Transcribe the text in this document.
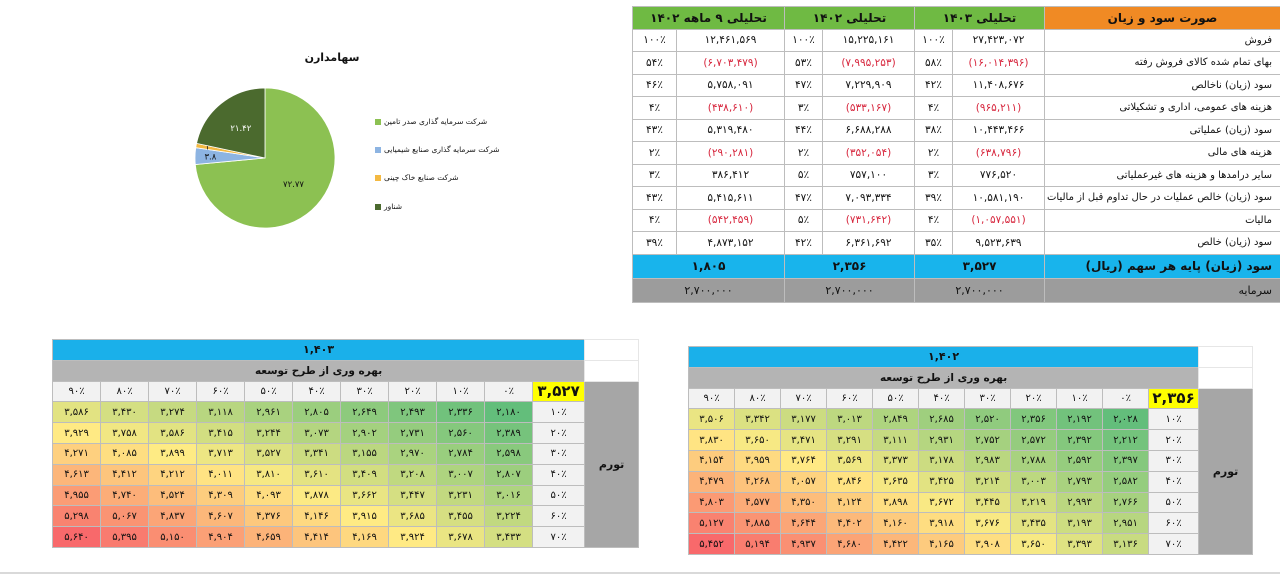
صورت سود و زیان	تحلیلی ۱۴۰۳		تحلیلی ۱۴۰۲		تحلیلی ۹ ماهه ۱۴۰۲	
فروش	۲۷,۴۲۳,۰۷۲	۱۰۰٪	۱۵,۲۲۵,۱۶۱	۱۰۰٪	۱۲,۴۶۱,۵۶۹	۱۰۰٪
بهای تمام شده کالای فروش رفته	(۱۶,۰۱۴,۳۹۶)	۵۸٪	(۷,۹۹۵,۲۵۳)	۵۳٪	(۶,۷۰۳,۴۷۹)	۵۴٪
سود (زیان) ناخالص	۱۱,۴۰۸,۶۷۶	۴۲٪	۷,۲۲۹,۹۰۹	۴۷٪	۵,۷۵۸,۰۹۱	۴۶٪
هزینه های عمومی، اداری و تشکیلاتی	(۹۶۵,۲۱۱)	۴٪	(۵۳۳,۱۶۷)	۳٪	(۴۳۸,۶۱۰)	۴٪
سود (زیان) عملیاتی	۱۰,۴۴۳,۴۶۶	۳۸٪	۶,۶۸۸,۲۸۸	۴۴٪	۵,۳۱۹,۴۸۰	۴۳٪
هزینه های مالی	(۶۳۸,۷۹۶)	۲٪	(۳۵۲,۰۵۴)	۲٪	(۲۹۰,۲۸۱)	۲٪
سایر درامدها و هزینه های غیرعملیاتی	۷۷۶,۵۲۰	۳٪	۷۵۷,۱۰۰	۵٪	۳۸۶,۴۱۲	۳٪
سود (زیان) خالص عملیات در حال تداوم قبل از مالیات	۱۰,۵۸۱,۱۹۰	۳۹٪	۷,۰۹۳,۳۳۴	۴۷٪	۵,۴۱۵,۶۱۱	۴۳٪
مالیات	(۱,۰۵۷,۵۵۱)	۴٪	(۷۳۱,۶۴۲)	۵٪	(۵۴۲,۴۵۹)	۴٪
سود (زیان) خالص	۹,۵۲۳,۶۳۹	۳۵٪	۶,۳۶۱,۶۹۲	۴۲٪	۴,۸۷۳,۱۵۲	۳۹٪
سود (زیان) پایه هر سهم (ریال)	۳,۵۲۷		۲,۳۵۶		۱,۸۰۵	
سرمایه	۲,۷۰۰,۰۰۰		۲,۷۰۰,۰۰۰		۲,۷۰۰,۰۰۰	
	۱,۴۰۳										
	بهره وری از طرح توسعه										
تورم	۳,۵۲۷	۰٪	۱۰٪	۲۰٪	۳۰٪	۴۰٪	۵۰٪	۶۰٪	۷۰٪	۸۰٪	۹۰٪
	۱۰٪	۲,۱۸۰	۲,۳۳۶	۲,۴۹۳	۲,۶۴۹	۲,۸۰۵	۲,۹۶۱	۳,۱۱۸	۳,۲۷۴	۳,۴۳۰	۳,۵۸۶
	۲۰٪	۲,۳۸۹	۲,۵۶۰	۲,۷۳۱	۲,۹۰۲	۳,۰۷۳	۳,۲۴۴	۳,۴۱۵	۳,۵۸۶	۳,۷۵۸	۳,۹۲۹
	۳۰٪	۲,۵۹۸	۲,۷۸۴	۲,۹۷۰	۳,۱۵۵	۳,۳۴۱	۳,۵۲۷	۳,۷۱۳	۳,۸۹۹	۴,۰۸۵	۴,۲۷۱
	۴۰٪	۲,۸۰۷	۳,۰۰۷	۳,۲۰۸	۳,۴۰۹	۳,۶۱۰	۳,۸۱۰	۴,۰۱۱	۴,۲۱۲	۴,۴۱۲	۴,۶۱۳
	۵۰٪	۳,۰۱۶	۳,۲۳۱	۳,۴۴۷	۳,۶۶۲	۳,۸۷۸	۴,۰۹۳	۴,۳۰۹	۴,۵۲۴	۴,۷۴۰	۴,۹۵۵
	۶۰٪	۳,۲۲۴	۳,۴۵۵	۳,۶۸۵	۳,۹۱۵	۴,۱۴۶	۴,۳۷۶	۴,۶۰۷	۴,۸۳۷	۵,۰۶۷	۵,۲۹۸
	۷۰٪	۳,۴۳۳	۳,۶۷۸	۳,۹۲۴	۴,۱۶۹	۴,۴۱۴	۴,۶۵۹	۴,۹۰۴	۵,۱۵۰	۵,۳۹۵	۵,۶۴۰
	۱,۴۰۲										
	بهره وری از طرح توسعه										
تورم	۲,۳۵۶	۰٪	۱۰٪	۲۰٪	۳۰٪	۴۰٪	۵۰٪	۶۰٪	۷۰٪	۸۰٪	۹۰٪
	۱۰٪	۲,۰۲۸	۲,۱۹۲	۲,۳۵۶	۲,۵۲۰	۲,۶۸۵	۲,۸۴۹	۳,۰۱۳	۳,۱۷۷	۳,۳۴۲	۳,۵۰۶
	۲۰٪	۲,۲۱۲	۲,۳۹۲	۲,۵۷۲	۲,۷۵۲	۲,۹۳۱	۳,۱۱۱	۳,۲۹۱	۳,۴۷۱	۳,۶۵۰	۳,۸۳۰
	۳۰٪	۲,۳۹۷	۲,۵۹۲	۲,۷۸۸	۲,۹۸۳	۳,۱۷۸	۳,۳۷۳	۳,۵۶۹	۳,۷۶۴	۳,۹۵۹	۴,۱۵۴
	۴۰٪	۲,۵۸۲	۲,۷۹۳	۳,۰۰۳	۳,۲۱۴	۳,۴۲۵	۳,۶۳۵	۳,۸۴۶	۴,۰۵۷	۴,۲۶۸	۴,۴۷۹
	۵۰٪	۲,۷۶۶	۲,۹۹۳	۳,۲۱۹	۳,۴۴۵	۳,۶۷۲	۳,۸۹۸	۴,۱۲۴	۴,۳۵۰	۴,۵۷۷	۴,۸۰۳
	۶۰٪	۲,۹۵۱	۳,۱۹۳	۳,۴۳۵	۳,۶۷۶	۳,۹۱۸	۴,۱۶۰	۴,۴۰۲	۴,۶۴۴	۴,۸۸۵	۵,۱۲۷
	۷۰٪	۳,۱۳۶	۳,۳۹۳	۳,۶۵۰	۳,۹۰۸	۴,۱۶۵	۴,۴۲۲	۴,۶۸۰	۴,۹۳۷	۵,۱۹۴	۵,۴۵۲
سهامدارن
۷۲.۷۷
۳.۸
۱
۲۱.۴۲
شرکت سرمایه گذاری صدر تامین
شرکت سرمایه گذاری صنایع شیمیایی
شرکت صنایع خاک چینی
شناور
